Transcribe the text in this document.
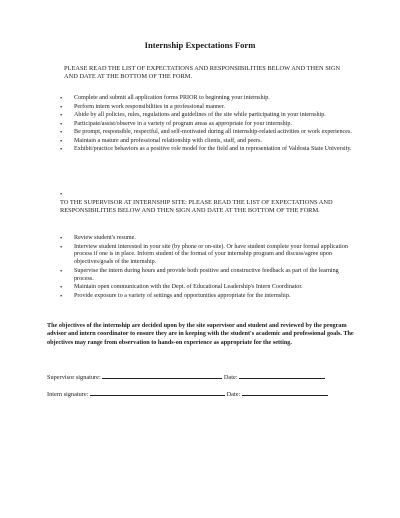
Internship Expectations Form
PLEASE READ THE LIST OF EXPECTATIONS AND RESPONSIBILITIES BELOW AND THEN SIGN AND DATE AT THE BOTTOM OF THE FORM.
• Complete and submit all application forms PRIOR to beginning your internship.
• Perform intern work responsibilities in a professional manner.
• Abide by all policies, rules, regulations and guidelines of the site while participating in your internship.
• Participate/assist/observe in a variety of program areas as appropriate for your internship.
• Be prompt, responsible, respectful, and self-motivated during all internship-related activities or work experiences.
• Maintain a mature and professional relationship with clients, staff, and peers.
• Exhibit/practice behaviors as a positive role model for the field and in representation of Valdosta State University.
•
TO THE SUPERVISOR AT INTERNSHIP SITE: PLEASE READ THE LIST OF EXPECTATIONS AND RESPONSIBILITIES BELOW AND THEN SIGN AND DATE AT THE BOTTOM OF THE FORM.
• Review student's resume.
• Interview student interested in your site (by phone or on-site). Or have student complete your formal application process if one is in place. Inform student of the format of your internship program and discuss/agree upon objectives/goals of the internship.
• Supervise the intern during hours and provide both positive and constructive feedback as part of the learning process.
• Maintain open communication with the Dept. of Educational Leadership's Intern Coordinator.
• Provide exposure to a variety of settings and opportunities appropriate for the internship.
The objectives of the internship are decided upon by the site supervisor and student and reviewed by the program advisor and intern coordinator to ensure they are in keeping with the student's academic and professional goals. The objectives may range from observation to hands-on experience as appropriate for the setting.
Supervisor signature:	Date:
Intern signature:	Date:
